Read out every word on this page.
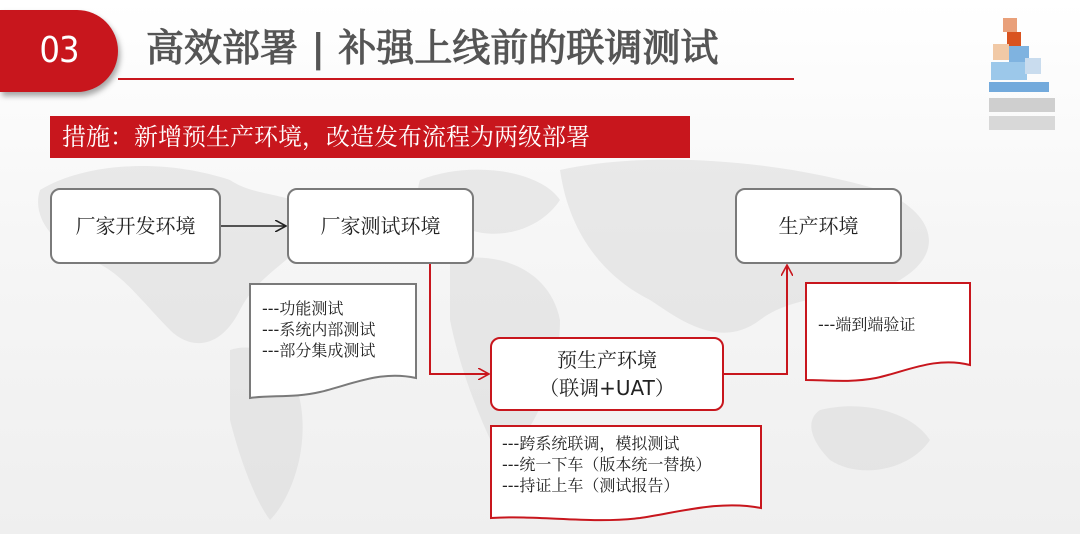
03	高效部署 | 补强上线前的联调测试
措施：新增预生产环境，改造发布流程为两级部署
厂家开发环境	厂家测试环境	生产环境
预生产环境
（联调+UAT）
---功能测试
---系统内部测试
---部分集成测试
---端到端验证
---跨系统联调，模拟测试
---统一下车（版本统一替换）
---持证上车（测试报告）
